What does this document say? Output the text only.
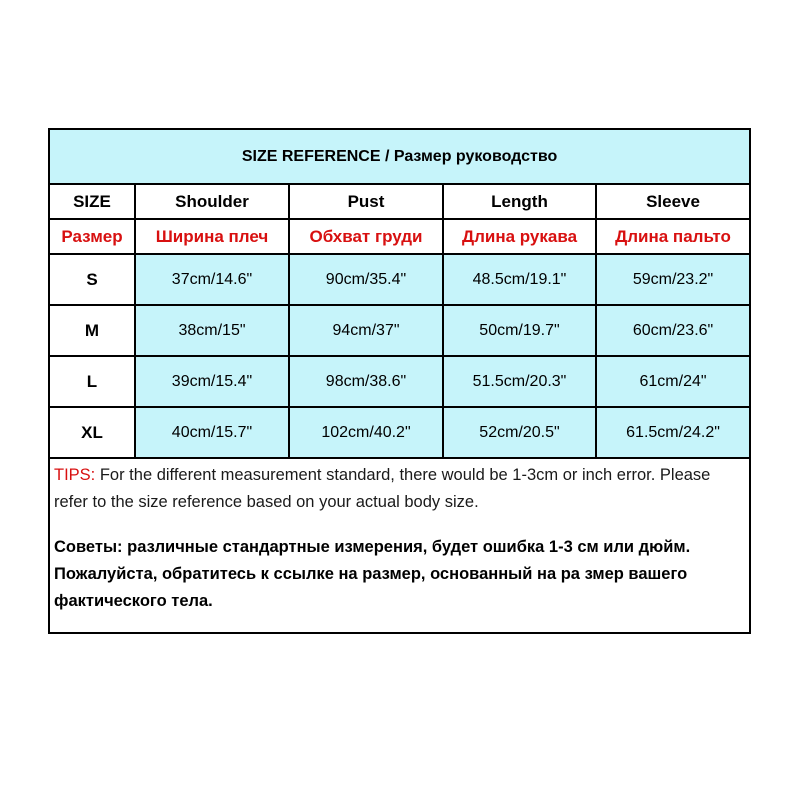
SIZE REFERENCE / Размер руководство				
SIZE	Shoulder	Pust	Length	Sleeve
Размер	Ширина плеч	Обхват груди	Длина рукава	Длина пальто
S	37cm/14.6"	90cm/35.4"	48.5cm/19.1"	59cm/23.2"
M	38cm/15"	94cm/37"	50cm/19.7"	60cm/23.6"
L	39cm/15.4"	98cm/38.6"	51.5cm/20.3"	61cm/24"
XL	40cm/15.7"	102cm/40.2"	52cm/20.5"	61.5cm/24.2"

TIPS: For the different measurement standard, there would be 1-3cm or inch error. Please refer to the size reference based on your actual body size.

Советы: различные стандартные измерения, будет ошибка 1-3 см или дюйм. Пожалуйста, обратитесь к ссылке на размер, основанный на ра змер вашего фактического тела.				
